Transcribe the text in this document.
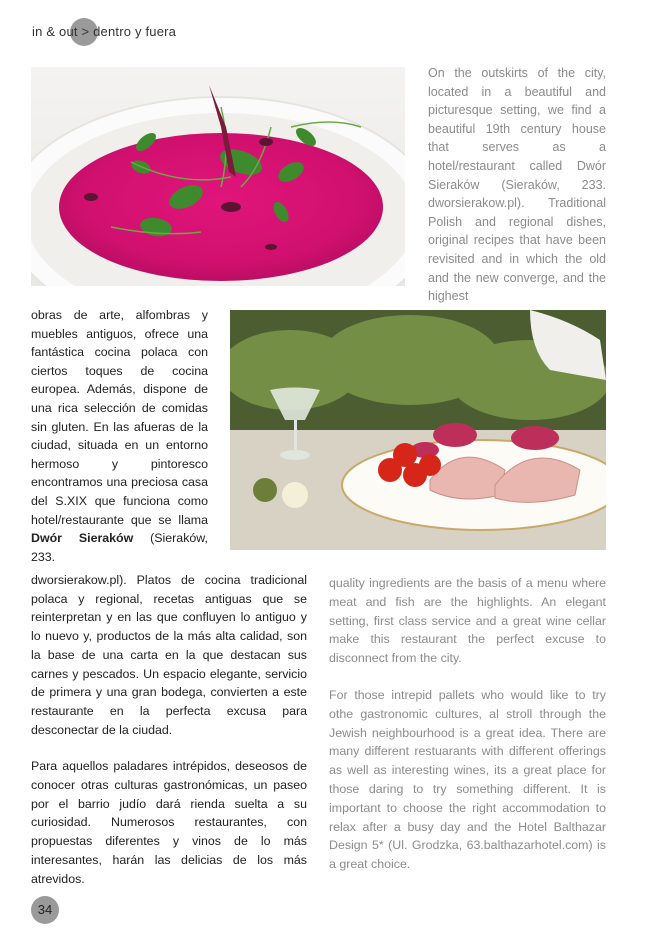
in & out > dentro y fuera
On the outskirts of the city, located in a beautiful and picturesque setting, we find a beautiful 19th century house that serves as a hotel/restaurant called Dwór Sieraków (Sieraków, 233. dworsierakow.pl). Traditional Polish and regional dishes, original recipes that have been revisited and in which the old and the new converge, and the highest
obras de arte, alfombras y muebles antiguos, ofrece una fantástica cocina polaca con ciertos toques de cocina europea. Además, dispone de una rica selección de comidas sin gluten. En las afueras de la ciudad, situada en un entorno hermoso y pintoresco encontramos una preciosa casa del S.XIX que funciona como hotel/restaurante que se llama Dwór Sieraków (Sieraków, 233.

dworsierakow.pl). Platos de cocina tradicional polaca y regional, recetas antiguas que se reinterpretan y en las que confluyen lo antiguo y lo nuevo y, productos de la más alta calidad, son la base de una carta en la que destacan sus carnes y pescados. Un espacio elegante, servicio de primera y una gran bodega, convierten a este restaurante en la perfecta excusa para desconectar de la ciudad.

Para aquellos paladares intrépidos, deseosos de conocer otras culturas gastronómicas, un paseo por el barrio judío dará rienda suelta a su curiosidad. Numerosos restaurantes, con propuestas diferentes y vinos de lo más interesantes, harán las delicias de los más atrevidos.

quality ingredients are the basis of a menu where meat and fish are the highlights. An elegant setting, first class service and a great wine cellar make this restaurant the perfect excuse to disconnect from the city.

For those intrepid pallets who would like to try othe gastronomic cultures, al stroll through the Jewish neighbourhood is a great idea. There are many different restuarants with different offerings as well as interesting wines, its a great place for those daring to try something different. It is important to choose the right accommodation to relax after a busy day and the Hotel Balthazar Design 5* (Ul. Grodzka, 63.balthazarhotel.com) is a great choice.

34
